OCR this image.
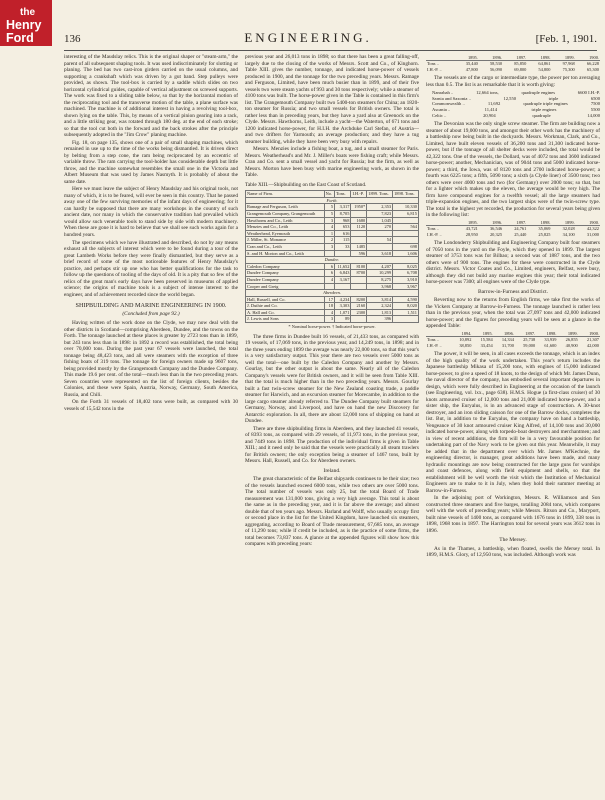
the
Henry
Ford	136	ENGINEERING.	[Feb. 1, 1901.

interesting of the Maudslay relics. This is the original shaper or "steam-arm," the parent of all subsequent shaping tools. It was used indiscriminately for slotting or planing. The bed has two cast-iron girders carried on the usual columns, and supporting a crankshaft which was driven by a gut band. Step pulleys were provided, as shown. The tool-box is carried by a saddle which slides on two horizontal cylindrical guides, capable of vertical adjustment on screwed supports. The work was fixed to a sliding table below, so that by the horizontal motion of the reciprocating tool and the transverse motion of the table, a plane surface was machined. The machine is of additional interest in having a revolving tool-box, shown lying on the table. This, by means of a vertical pinion gearing into a rack, and a little striking gear, was rotated through 180 deg. at the end of each stroke; so that the tool cut both in the forward and the back strokes after the principle subsequently adopted in the "Jim Crow" planing machine.

Fig. 18, on page 135, shows one of a pair of small shaping machines, which remained in use up to the time of the works being dismantled. It is driven direct by belting from a step cone, the ram being reciprocated by an eccentric of variable throw. The ram carrying the tool-holder has considerable depth but little throw, and the machine somewhat resembles the small one in the Victoria and Albert Museum that was used by James Nasmyth. It is probably of about the same date.

Here we must leave the subject of Henry Maudslay and his original tools, not many of which, it is to be feared, will ever be seen in this country. That he passed away one of the few surviving memories of the infant days of engineering; for it can hardly be supposed that there are many workshops in the country of such ancient date, nor many in which the conservative tradition had prevailed which would allow such venerable tools to stand side by side with modern machinery. When these are gone it is hard to believe that we shall see such works again for a hundred years.

The specimens which we have illustrated and described, do not by any means exhaust all the subjects of interest which were to be found during a tour of the great Lambeth Works before they were finally dismantled, but they serve as a brief record of some of the most noticeable features of Henry Maudslay's practice, and perhaps stir up one who has better qualifications for the task to follow up the questions of tooling of the days of old. It is a pity that so few of the relics of the great man's early days have been preserved in museums of applied science; the origins of machine tools is a subject of intense interest to the engineer, and of achievement recorded since the world began.

SHIPBUILDING AND MARINE ENGINEERING IN 1900.
(Concluded from page 92.)

Having written of the work done on the Clyde, we may now deal with the other districts in Scotland—comprising Aberdeen, Dundee, and the towns on the Forth. The tonnage launched at these places is greater by 2723 tons than in 1899, but 243 tons less than in 1898: in 1892 a record was established, the total being over 70,000 tons. During the past year 67 vessels were launched, the total tonnage being 48,423 tons, and all were steamers with the exception of three fishing boats of 319 tons. The tonnage for foreign owners made up 9607 tons, being provided mostly by the Grangemouth Company and the Dundee Company. This made 19.6 per cent. of the total—much less than in the two preceding years. Seven countries were represented on the list of foreign clients, besides the Colonies, and these were Spain, Austria, Norway, Germany, South America, Russia, and Chili.

On the Forth 31 vessels of 18,402 tons were built, as compared with 30 vessels of 15,542 tons in the

previous year and 26,013 tons in 1898; so that there has been a great falling-off, largely due to the closing of the works of Messrs. Scott and Co., of Kinghorn. Table XIII. gives the number, tonnage, and indicated horse-power of vessels produced in 1900, and the tonnage for the two preceding years. Messrs. Ramage and Ferguson, Limited, have been much busier than in 1899, and of their five vessels two were steam yachts of 993 and 30 tons respectively; while a steamer of 4100 tons was built. The horse-power given in the Table is contained in this firm's list. The Grangemouth Company built two 5400-ton steamers for China; an 1820-ton steamer for Russia; and two small vessels for British owners. The total is rather less than in preceding years, but they have a yard also at Greenock on the Clyde. Messrs. Hawthorns, Leith, include a yacht—the Waterton, of 671 tons and 1200 indicated horse-power, for H.I.H. the Archduke Carl Stefan, of Austria—and two drifters for Yarmouth; an average production; and they have a tug steamer building, while they have been very busy with repairs.

Messrs. Menzies include a fishing boat, a tug, and a small steamer for Paris. Messrs. Weatherhead's and Mr. J. Miller's boats were fishing craft; while Messrs. Cran and Co. sent a small vessel and yacht for Russia; but the firm, as well as Messrs. Morton have been busy with marine engineering work, as shown in the Table.

Table XIII.—Shipbuilding on the East Coast of Scotland.
Name of Firm.	No.	Tons.	I.H.-P.	1899. Tons.	1898. Tons.
Forth.					
Ramage and Ferguson, Leith	5	3,317	1950*	2,353	10,330
Grangemouth Company, Grangemouth	5	8,705		7,823	6,815
Hawthorns and Co., Leith	3	968	1680	1,045	
Menzies and Co., Leith	4	653	1120	270	564
Weatherhead, Eyemouth	1	616			
J. Miller, St. Monance	2	115		54	
Cran and Co., Leith	3	33	1485		698
S. and H. Morton and Co., Leith			596	3,618	1,606
Dundee.					
Caledon Company	6	11,652	8100	4,207	8,025
Dundee Company	6	6,843	8700	10,299	6,708
Dundee Company	4	3,167		8,275	3,910
Cooper and Greig				3,968	3,967
Aberdeen.					
Hall, Russell, and Co.	17	4,234	8200	3,814	4,590
J. Duthie and Co.	18	3,303	2160	2,324	8,020
A. Hall and Co.	4	1,071	2300	1,813	1,511
J. Lewis and Sons	3	89		396	
* Nominal horse-power. † Indicated horse-power.

The three firms in Dundee built 16 vessels, of 21,433 tons, as compared with 19 vessels, of 17,069 tons, in the previous year, and 14,249 tons, in 1898; and in the three years ending 1899 the average was nearly 22,000 tons, so that this year's is a very satisfactory output. This year there are two vessels over 5000 tons as well the total—one built by the Caledon Company and another by Messrs. Gourlay, but the other output is about the same. Nearly all of the Caledon Company's vessels were for British owners, and it will be seen from Table XIII. that the total is much higher than in the two preceding years. Messrs. Gourlay built a fast twin-screw steamer for the New Zealand coasting trade, a paddle steamer for Harwich, and an excursion steamer for Morecambe, in addition to the large cargo steamer already referred to. The Dundee Company built steamers for Germany, Norway, and Liverpool, and have on hand the new Discovery for Antarctic exploration. In all, there are about 12,000 tons of shipping on hand at Dundee.

There are three shipbuilding firms in Aberdeen, and they launched 41 vessels, of 8393 tons, as compared with 29 vessels, of 11,973 tons, in the previous year, and 7449 tons in 1898. The production of the individual firms is given in Table XIII.; and it need only be said that the vessels were practically all steam trawlers for British owners; the only exception being a steamer of 1467 tons, built by Messrs. Hall, Russell, and Co. for Aberdeen owners.

Ireland.

The great characteristic of the Belfast shipyards continues to be their size; two of the vessels launched exceed 6000 tons, while two others are over 5000 tons. The total number of vessels was only 25, but the total Board of Trade measurement was 131,000 tons, giving a very high average. This total is about the same as in the preceding year, and it is far above the average; and almost double that of ten years ago. Messrs. Harland and Wolff, who usually occupy first or second place in the list for the United Kingdom, have launched six steamers, aggregating, according to Board of Trade measurement, 67,685 tons, an average of 11,290 tons; while if credit be included, as is the practice of some firms, the total becomes 73,837 tons. A glance at the appended figures will show how this compares with preceding years:

	1895.	1896.	1897.	1898.	1899.	1900.
Tons ..	35,440	58,530	85,850	64,861	97,968	66,228
I.H.-P. ..	47,800	56,090	69,800	54,800	75,300	65,300

The vessels are of the cargo or intermediate type, the power per ton averaging less than 0.5. The list is as remarkable that it is worth giving:

Nanrabah ..	12,664 tons,	quadruple engines	6600 I.H.-P.
Sarnia and Saxonia ..	12,550	triple	6500
Commonwealth ..	11,692	quadruple triple engines	7500
Ascania ..	11,414	triple engines	5500
Celtic ..	20,904	quadruple	14,000

The Devonian was the only single screw steamer. The firm are building now a steamer of about 19,000 tons, and amongst their other work has the machinery of a battleship now being built in the dockyards. Messrs. Workman, Clark, and Co., Limited, have built eleven vessels of 36,200 tons and 31,300 indicated horse-power, but if the tonnage of all shelter decks were included, the total would be 42,322 tons. One of the vessels, the Dollard, was of 4072 tons and 3600 indicated horse-power; another, Mechanician, was of 9044 tons and 5000 indicated horse-power; a third, the Iowa, was of 8120 tons and 2700 indicated horse-power; a fourth was 6225 tons; a fifth, 5090 tons; a sixth (a Clyde liner) of 3500 tons; two others were over 4000 tons and two (for Germany) over 2000 tons; so that, but for a lighter which makes up the eleven, the average would be very high. The firm have compound engines for a twelfth vessel; all the large steamers had triple-expansion engines, and the two largest ships were of the twin-screw type. The total is the highest yet recorded, the production for several years being given in the following list:

	1895.	1896.	1897.	1898.	1899.	1900.
Tons ..	43,721	36,546	24,761	35,069	32,028	42,322
I.H.-P. ..	28,950	20,325	25,440	25,825	34,100	31,000

The Londonderry Shipbuilding and Engineering Company built four steamers of 7050 tons in the yard on the Foyle, which they opened in 1899. The largest steamer of 3753 tons was for Bilbao; a second was of 1887 tons, and the two others were of 900 tons. The engines for these were constructed in the Clyde district. Messrs. Victor Coates and Co., Limited, engineers, Belfast, were busy, although they did not build any marine engines this year; their total indicated horse-power was 7300; all engines were of the Clyde type.

Barrow-in-Furness and District.

Reverting now to the returns from English firms, we take first the works of the Vickers Company at Barrow-in-Furness. The tonnage launched is rather less than in the previous year, when the total was 27,097 tons and 42,000 indicated horse-power; and the figures for preceding years will be seen at a glance in the appended Table:

	1894.	1895.	1896.	1897.	1898.	1899.	1900.
Tons ..	10,892	15,584	14,334	25,738	33,939	26,855	21,307
I.H.-P. ..	38,850	33,454	31,700	59,000	61,600	40,900	42,000

The power, it will be seen, in all cases exceeds the tonnage, which is an index of the high quality of the work undertaken. This year's return includes the Japanese battleship Mikasa of 15,200 tons, with engines of 15,000 indicated horse-power, to give a speed of 18 knots, to the design of which Mr. James Dunn, the naval director of the company, has embodied several important departures in design, which were fully described in Engineering at the occasion of the launch (see Engineering, vol. lxx., page 638). H.M.S. Hogue (a first-class cruiser) of 30 knots armoured cruiser of 12,000 tons and 21,000 indicated horse-power, and a sister ship, the Euryalus, is in an advanced stage of construction. A 30-knot destroyer, and an iron sliding caisson for one of the Barrow docks, completes the list. But, in addition to the Euryalus, the company have on hand a battleship, Vengeance of 30 knot armoured cruiser King Alfred, of 14,100 tons and 30,000 indicated horse-power, along with torpedo-boat destroyers and merchantmen; and in view of recent additions, the firm will be in a very favourable position for undertaking part of the Navy work to be given out this year. Meanwhile, it may be added that in the department over which Mr. James M'Kechnie, the engineering director, is manager, great additions have been made, and many hydraulic mountings are now being constructed for the large guns for warships and coast defences, along with field equipment and shells, so that the establishment will be well worth the visit which the Institution of Mechanical Engineers are to make to it in July, when they hold their summer meeting at Barrow-in-Furness.

In the adjoining port of Workington, Messrs. R. Williamson and Son constructed three steamers and five barges, totalling 2084 tons, which compares well with the work of preceding years; while Messrs. Ritson and Co., Maryport, built nine vessels of 1400 tons, as compared with 1676 tons in 1899, 338 tons in 1898, 1968 tons in 1897. The Harrington total for several years was 3612 tons in 1896.

The Mersey.

As in the Thames, a battleship, when floated, swells the Mersey total. In 1899, H.M.S. Glory, of 12,950 tons, was included. Although work was
